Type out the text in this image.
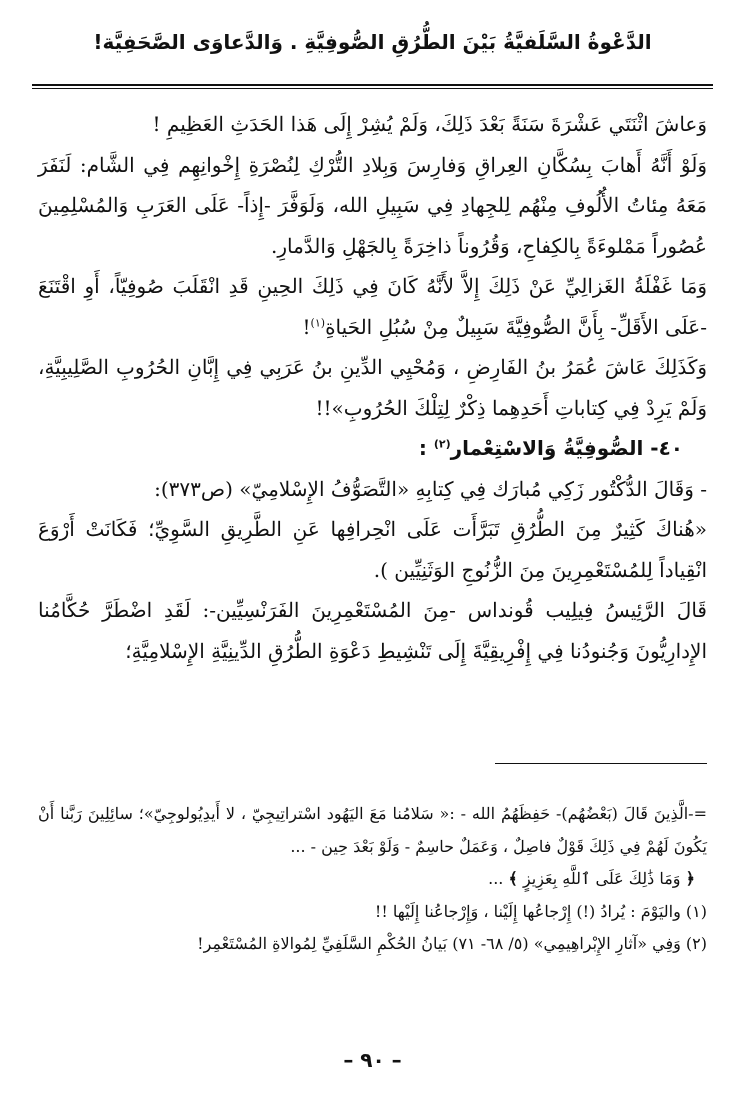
الدَّعْوةُ السَّلَفيَّةُ بَيْنَ الطُّرُقِ الصُّوفِيَّةِ . وَالدَّعاوَى الصَّحَفِيَّة!

وَعاشَ اثْنَتَي عَشْرَةَ سَنَةً بَعْدَ ذَلِكَ، وَلَمْ يُشِرْ إِلَى هَذا الحَدَثِ العَظِيمِ !

وَلَوْ أَنَّهُ أَهابَ بِسُكَّانِ العِراقِ وَفارِسَ وَبِلادِ التُّرْكِ لِنُصْرَةِ إِخْوانِهِم فِي الشَّام: لَنَفَرَ مَعَهُ مِئاتُ الأُلُوفِ مِنْهُم لِلجِهادِ فِي سَبِيلِ الله، وَلَوَفَّرَ -إِذاً- عَلَى العَرَبِ وَالمُسْلِمِينَ عُصُوراً مَمْلوءَةً بِالكِفاحِ، وَقُرُوناً ذاخِرَةً بِالجَهْلِ وَالدَّمارِ.

وَمَا غَفْلَةُ الغَزالِيِّ عَنْ ذَلِكَ إِلاَّ لأَنَّهُ كَانَ فِي ذَلِكَ الحِينِ قَدِ انْقَلَبَ صُوفِيّاً، أَوِ اقْتَنَعَ -عَلَى الأَقَلِّ- بِأَنَّ الصُّوفِيَّةَ سَبِيلٌ مِنْ سُبُلِ الحَياةِ$^{(١)}$!

وَكَذَلِكَ عَاشَ عُمَرُ بنُ الفَارِضِ ، وَمُحْيِي الدِّينِ بنُ عَرَبِي فِي إِبَّانِ الحُرُوبِ الصَّلِيبِيَّةِ، وَلَمْ يَرِدْ فِي كِتاباتِ أَحَدِهِما ذِكْرٌ لِتِلْكَ الحُرُوبِ»!!

٤٠- الصُّوفِيَّةُ وَالاسْتِعْمار$^{(٢)}$ :

- وَقَالَ الدُّكْتُور زَكِي مُبارَك فِي كِتابِهِ «التَّصَوُّفُ الإِسْلامِيّ» (ص٣٧٣):

«هُناكَ كَثِيرٌ مِنَ الطُّرُقِ تَبَرَّأَت عَلَى انْحِرافِها عَنِ الطَّرِيقِ السَّوِيِّ؛ فَكَانَتْ أَرْوَعَ انْقِياداً لِلمُسْتَعْمِرِينَ مِنَ الزُّنُوجِ الوَثَنِيِّين ).

قَالَ الرَّئِيسُ فِيلِيب قُونداس -مِنَ المُسْتَعْمِرِينَ الفَرَنْسِيِّين-: لَقَدِ اضْطَرَّ حُكَّامُنا الإِدارِيُّونَ وَجُنودُنا فِي إِفْرِيقِيَّةَ إِلَى تَنْشِيطِ دَعْوَةِ الطُّرُقِ الدِّينِيَّةِ الإِسْلامِيَّةِ؛

=-الَّذِينَ قَالَ (بَعْضُهُم)- حَفِظَهُمُ الله - :« سَلامُنا مَعَ اليَهُود اسْتراتِيجِيّ ، لا أَيدِيُولوجِيّ»؛ سائِلِينَ رَبَّنا أَنْ يَكُونَ لَهُمْ فِي ذَلِكَ قَوْلٌ فاصِلٌ ، وَعَمَلٌ حاسِمٌ - وَلَوْ بَعْدَ حِين - ...

﴿ وَمَا ذَٰلِكَ عَلَى ٱللَّهِ بِعَزِيزٍ ﴾ ...

(١) واليَوْمَ : يُرادُ (!) إِرْجاعُها إِلَيْنا ، وَإِرْجاعُنا إِلَيْها !!

(٢) وَفِي «آثارِ الإِبْراهِيمِي» (٥/ ٦٨- ٧١) بَيانُ الحُكْمِ السَّلَفِيِّ لِمُوالاةِ المُسْتَعْمِر!

– ٩٠ –
